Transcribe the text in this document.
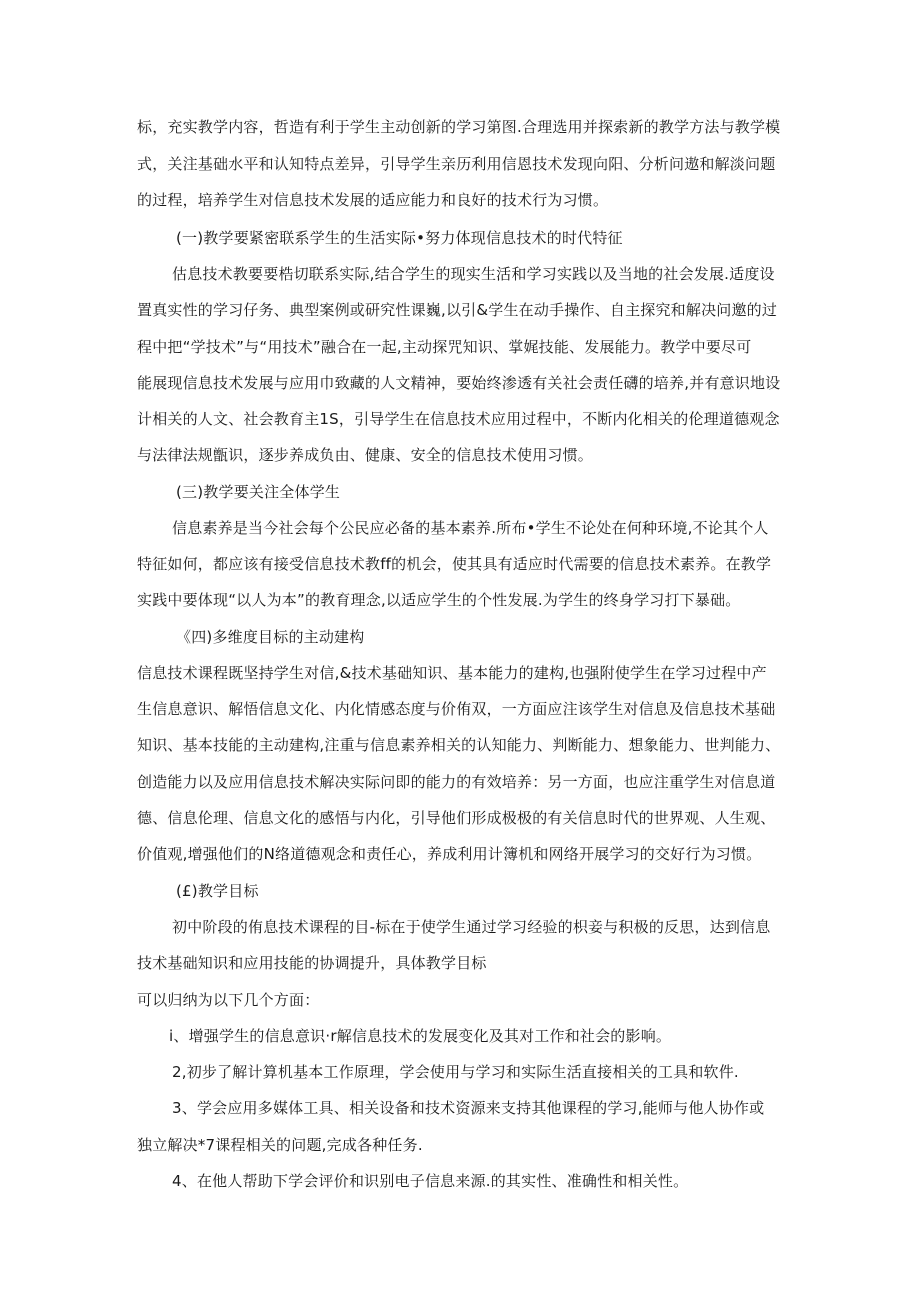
标，充实教学内容，哲造有利于学生主动创新的学习第图.合理选用并探索新的教学方法与教学模
式，关注基础水平和认知特点差异，引导学生亲历利用信恩技术发现向阳、分析问遨和解淡问题
的过程，培养学生对信息技术发展的适应能力和良好的技术行为习惯。
(一)教学要紧密联系学生的生活实际•努力体现信息技术的时代特征
估息技术教要要梏切联系实际,结合学生的现实生活和学习实践以及当地的社会发展.适度设
置真实性的学习仔务、典型案例或研究性课巍,以引&学生在动手操作、自主探究和解决问邀的过
程中把“学技术”与“用技术”融合在一起,主动探咒知识、掌娓技能、发展能力。教学中要尽可
能展现信息技术发展与应用巾致藏的人文精神，要始终渗透有关社会责任礴的培养,并有意识地设
计相关的人文、社会教育主1S，引导学生在信息技术应用过程中，不断内化相关的伦理道德观念
与法律法规甑识，逐步养成负由、健康、安全的信息技术使用习惯。
(三)教学要关注全体学生
信息素养是当今社会每个公民应必备的基本素养.所布•学生不论处在何种环境,不论其个人
特征如何，都应该有接受信息技术教ff的机会，使其具有适应时代需要的信息技术素养。在教学
实践中要体现“以人为本”的教育理念,以适应学生的个性发展.为学生的终身学习打下暴础。
《四)多维度目标的主动建构
信息技术课程既坚持学生对信,&技术基础知识、基本能力的建构,也强附使学生在学习过程中产
生信息意识、解悟信息文化、内化情感态度与价侑双，一方面应注该学生对信息及信息技术基础
知识、基本技能的主动建构,注重与信息素养相关的认知能力、判断能力、想象能力、世判能力、
创造能力以及应用信息技术解决实际问即的能力的有效培养：另一方面，也应注重学生对信息道
德、信息伦理、信息文化的感悟与内化，引导他们形成极极的有关信息时代的世界观、人生观、
价值观,增强他们的N络道德观念和责任心，养成利用计簿机和网络开展学习的交好行为习惯。
(£)教学目标
初中阶段的侑息技术课程的目-标在于使学生通过学习经验的枳妾与积极的反思，达到信息
技术基础知识和应用技能的协调提升，具体教学目标
可以归纳为以下几个方面：
i、增强学生的信息意识·r解信息技术的发展变化及其对工作和社会的影响。
2,初步了解计算机基本工作原理，学会使用与学习和实际生活直接相关的工具和软件.
3、学会应用多媒体工具、相关设备和技术资源来支持其他课程的学习,能师与他人协作或
独立解决*7课程相关的问题,完成各种任务.
4、在他人帮助下学会评价和识别电子信息来源.的其实性、准确性和相关性。
